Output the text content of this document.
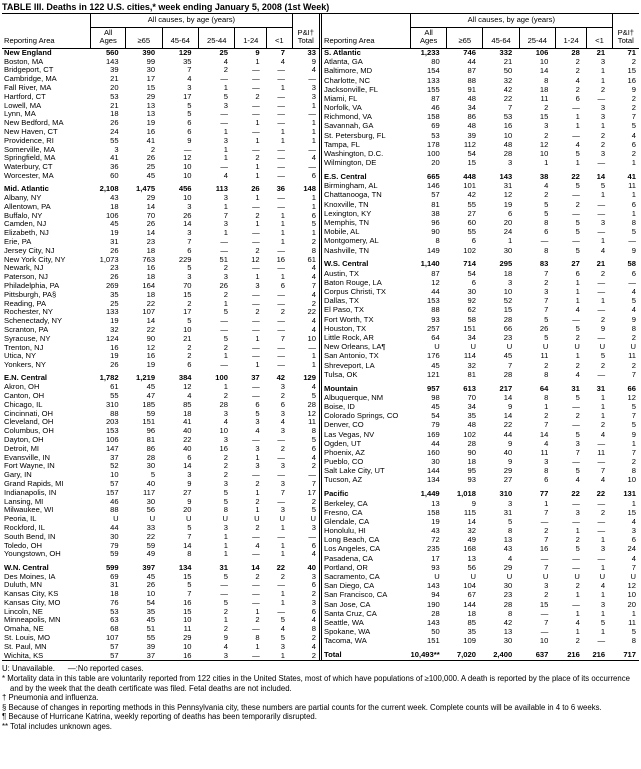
TABLE III. Deaths in 122 U.S. cities,* week ending January 5, 2008 (1st Week)
Reporting Area	All causes, by age (years)						P&I†
Total
	All
Ages	≥65	45-64	25-44	1-24	<1	
New England	560	390	129	25	9	7	33
Boston, MA	143	99	35	4	1	4	9
Bridgeport, CT	39	30	7	2	—	—	4
Cambridge, MA	21	17	4	—	—	—	—
Fall River, MA	20	15	3	1	—	1	3
Hartford, CT	53	29	17	5	2	—	3
Lowell, MA	21	13	5	3	—	—	1
Lynn, MA	18	13	5	—	—	—	—
New Bedford, MA	26	19	6	—	1	—	1
New Haven, CT	24	16	6	1	—	1	1
Providence, RI	55	41	9	3	1	1	1
Somerville, MA	3	2	—	1	—	—	—
Springfield, MA	41	26	12	1	2	—	4
Waterbury, CT	36	25	10	—	1	—	—
Worcester, MA	60	45	10	4	1	—	6

Mid. Atlantic	2,108	1,475	456	113	26	36	148
Albany, NY	43	29	10	3	1	—	1
Allentown, PA	18	14	3	1	—	—	1
Buffalo, NY	106	70	26	7	2	1	6
Camden, NJ	45	26	14	3	1	1	5
Elizabeth, NJ	19	14	3	1	—	1	1
Erie, PA	31	23	7	—	—	1	2
Jersey City, NJ	26	18	6	—	2	—	8
New York City, NY	1,073	763	229	51	12	16	61
Newark, NJ	23	16	5	2	—	—	4
Paterson, NJ	26	18	3	3	1	1	4
Philadelphia, PA	269	164	70	26	3	6	7
Pittsburgh, PA§	35	18	15	2	—	—	4
Reading, PA	25	22	2	1	—	—	2
Rochester, NY	133	107	17	5	2	2	22
Schenectady, NY	19	14	5	—	—	—	4
Scranton, PA	32	22	10	—	—	—	4
Syracuse, NY	124	90	21	5	1	7	10
Trenton, NJ	16	12	2	2	—	—	—
Utica, NY	19	16	2	1	—	—	1
Yonkers, NY	26	19	6	—	1	—	1

E.N. Central	1,782	1,219	384	100	37	42	129
Akron, OH	61	45	12	1	—	3	4
Canton, OH	55	47	4	2	—	2	5
Chicago, IL	310	185	85	28	6	6	28
Cincinnati, OH	88	59	18	3	5	3	12
Cleveland, OH	203	151	41	4	3	4	11
Columbus, OH	153	96	40	10	4	3	8
Dayton, OH	106	81	22	3	—	—	5
Detroit, MI	147	86	40	16	3	2	6
Evansville, IN	37	28	6	2	1	—	4
Fort Wayne, IN	52	30	14	2	3	3	2
Gary, IN	10	5	3	2	—	—	—
Grand Rapids, MI	57	40	9	3	2	3	7
Indianapolis, IN	157	117	27	5	1	7	17
Lansing, MI	46	30	9	5	2	—	2
Milwaukee, WI	88	56	20	8	1	3	5
Peoria, IL	U	U	U	U	U	U	U
Rockford, IL	44	33	5	3	2	1	3
South Bend, IN	30	22	7	1	—	—	—
Toledo, OH	79	59	14	1	4	1	6
Youngstown, OH	59	49	8	1	—	1	4

W.N. Central	599	397	134	31	14	22	40
Des Moines, IA	69	45	15	5	2	2	3
Duluth, MN	31	26	5	—	—	—	6
Kansas City, KS	18	10	7	—	—	1	2
Kansas City, MO	76	54	16	5	—	1	3
Lincoln, NE	53	35	15	2	1	—	6
Minneapolis, MN	63	45	10	1	2	5	4
Omaha, NE	68	51	11	2	—	4	8
St. Louis, MO	107	55	29	9	8	5	2
St. Paul, MN	57	39	10	4	1	3	4
Wichita, KS	57	37	16	3	—	1	2
Reporting Area	All causes, by age (years)						P&I†
Total
	All
Ages	≥65	45-64	25-44	1-24	<1	
S. Atlantic	1,233	746	332	106	28	21	71
Atlanta, GA	80	44	21	10	2	3	2
Baltimore, MD	154	87	50	14	2	1	15
Charlotte, NC	133	88	32	8	4	1	16
Jacksonville, FL	155	91	42	18	2	2	9
Miami, FL	87	48	22	11	6	—	2
Norfolk, VA	46	34	7	2	—	3	2
Richmond, VA	158	86	53	15	1	3	7
Savannah, GA	69	48	16	3	1	1	5
St. Petersburg, FL	53	39	10	2	—	2	4
Tampa, FL	178	112	48	12	4	2	6
Washington, D.C.	100	54	28	10	5	3	2
Wilmington, DE	20	15	3	1	1	—	1

E.S. Central	665	448	143	38	22	14	41
Birmingham, AL	146	101	31	4	5	5	11
Chattanooga, TN	57	42	12	2	—	1	1
Knoxville, TN	81	55	19	5	2	—	6
Lexington, KY	38	27	6	5	—	—	1
Memphis, TN	96	60	20	8	5	3	8
Mobile, AL	90	55	24	6	5	—	5
Montgomery, AL	8	6	1	—	—	1	—
Nashville, TN	149	102	30	8	5	4	9

W.S. Central	1,140	714	295	83	27	21	58
Austin, TX	87	54	18	7	6	2	6
Baton Rouge, LA	12	6	3	2	1	—	—
Corpus Christi, TX	44	30	10	3	1	—	4
Dallas, TX	153	92	52	7	1	1	5
El Paso, TX	88	62	15	7	4	—	4
Fort Worth, TX	93	58	28	5	—	2	9
Houston, TX	257	151	66	26	5	9	8
Little Rock, AR	64	34	23	5	2	—	2
New Orleans, LA¶	U	U	U	U	U	U	U
San Antonio, TX	176	114	45	11	1	5	11
Shreveport, LA	45	32	7	2	2	2	2
Tulsa, OK	121	81	28	8	4	—	7

Mountain	957	613	217	64	31	31	66
Albuquerque, NM	98	70	14	8	5	1	12
Boise, ID	45	34	9	1	—	1	5
Colorado Springs, CO	54	35	14	2	2	1	7
Denver, CO	79	48	22	7	—	2	5
Las Vegas, NV	169	102	44	14	5	4	9
Ogden, UT	44	28	9	4	3	—	1
Phoenix, AZ	160	90	40	11	7	11	7
Pueblo, CO	30	18	9	3	—	—	2
Salt Lake City, UT	144	95	29	8	5	7	8
Tucson, AZ	134	93	27	6	4	4	10

Pacific	1,449	1,018	310	77	22	22	131
Berkeley, CA	13	9	3	1	—	—	1
Fresno, CA	158	115	31	7	3	2	15
Glendale, CA	19	14	5	—	—	—	4
Honolulu, HI	43	32	8	2	1	—	3
Long Beach, CA	72	49	13	7	2	1	6
Los Angeles, CA	235	168	43	16	5	3	24
Pasadena, CA	17	13	4	—	—	—	4
Portland, OR	93	56	29	7	—	1	7
Sacramento, CA	U	U	U	U	U	U	U
San Diego, CA	143	104	30	3	2	4	12
San Francisco, CA	94	67	23	2	1	1	10
San Jose, CA	190	144	28	15	—	3	20
Santa Cruz, CA	28	18	8	—	1	1	1
Seattle, WA	143	85	42	7	4	5	11
Spokane, WA	50	35	13	—	1	1	5
Tacoma, WA	151	109	30	10	2	—	8

Total	10,493**	7,020	2,400	637	216	216	717
U: Unavailable.      —:No reported cases.
* Mortality data in this table are voluntarily reported from 122 cities in the United States, most of which have populations of ≥100,000. A death is reported by the place of its occurrence and by the week that the death certificate was filed. Fetal deaths are not included.
† Pneumonia and influenza.
§ Because of changes in reporting methods in this Pennsylvania city, these numbers are partial counts for the current week. Complete counts will be available in 4 to 6 weeks.
¶ Because of Hurricane Katrina, weekly reporting of deaths has been temporarily disrupted.
** Total includes unknown ages.
